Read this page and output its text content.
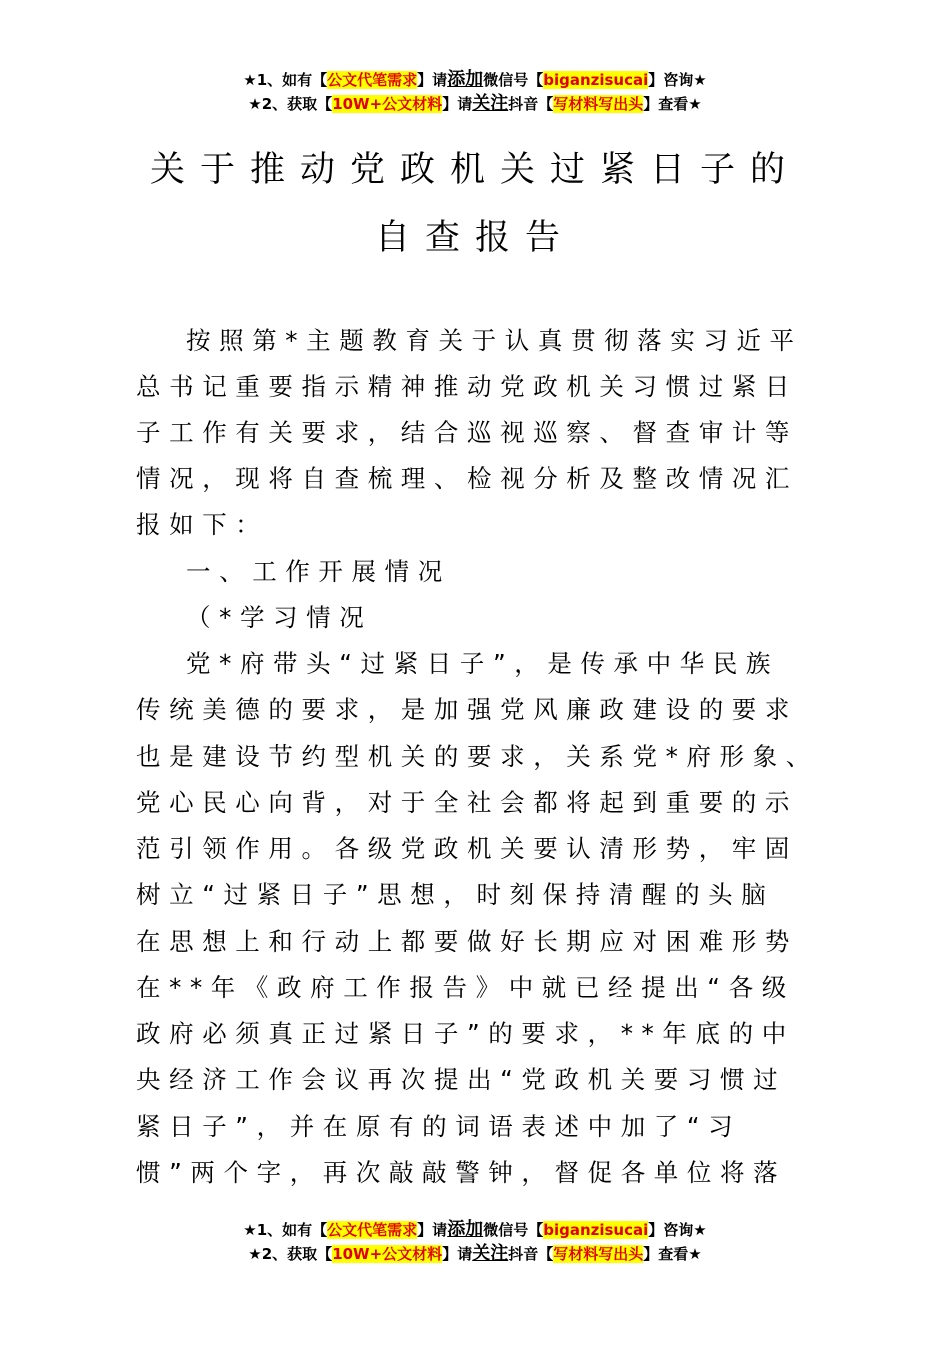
★1、如有【公文代笔需求】请添加微信号【biganzisucai】咨询★
★2、获取【10W+公文材料】请关注抖音【写材料写出头】查看★
关于推动党政机关过紧日子的
自查报告
按照第*主题教育关于认真贯彻落实习近平
总书记重要指示精神推动党政机关习惯过紧日
子工作有关要求，结合巡视巡察、督查审计等
情况，现将自查梳理、检视分析及整改情况汇
报如下：
一、工作开展情况
（*学习情况
党*府带头“过紧日子”，是传承中华民族
传统美德的要求，是加强党风廉政建设的要求
也是建设节约型机关的要求，关系党*府形象、
党心民心向背，对于全社会都将起到重要的示
范引领作用。各级党政机关要认清形势，牢固
树立“过紧日子”思想，时刻保持清醒的头脑
在思想上和行动上都要做好长期应对困难形势
在**年《政府工作报告》中就已经提出“各级
政府必须真正过紧日子”的要求，**年底的中
央经济工作会议再次提出“党政机关要习惯过
紧日子”，并在原有的词语表述中加了“习
惯”两个字，再次敲敲警钟，督促各单位将落
★1、如有【公文代笔需求】请添加微信号【biganzisucai】咨询★
★2、获取【10W+公文材料】请关注抖音【写材料写出头】查看★
